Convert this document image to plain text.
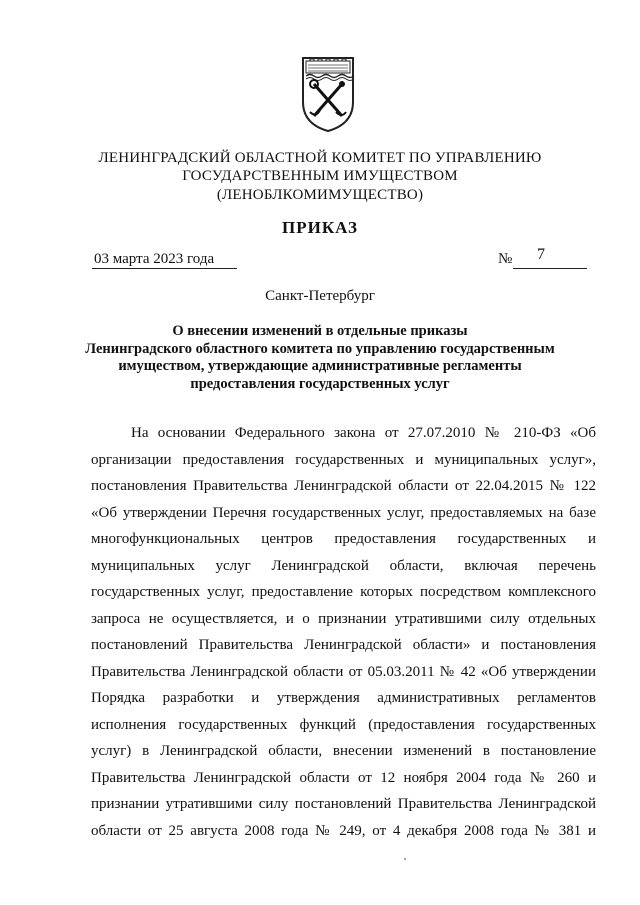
ЛЕНИНГРАДСКИЙ ОБЛАСТНОЙ КОМИТЕТ ПО УПРАВЛЕНИЮ
ГОСУДАРСТВЕННЫМ ИМУЩЕСТВОМ
(ЛЕНОБЛКОМИМУЩЕСТВО)
ПРИКАЗ
03 марта 2023 года	№ 7
Санкт-Петербург
О внесении изменений в отдельные приказы
Ленинградского областного комитета по управлению государственным
имуществом, утверждающие административные регламенты
предоставления государственных услуг
На основании Федерального закона от 27.07.2010 № 210-ФЗ «Об
организации предоставления государственных и муниципальных услуг»,
постановления Правительства Ленинградской области от 22.04.2015 № 122
«Об утверждении Перечня государственных услуг, предоставляемых на базе
многофункциональных центров предоставления государственных и
муниципальных услуг Ленинградской области, включая перечень
государственных услуг, предоставление которых посредством комплексного
запроса не осуществляется, и о признании утратившими силу отдельных
постановлений Правительства Ленинградской области» и постановления
Правительства Ленинградской области от 05.03.2011 № 42 «Об утверждении
Порядка разработки и утверждения административных регламентов
исполнения государственных функций (предоставления государственных
услуг) в Ленинградской области, внесении изменений в постановление
Правительства Ленинградской области от 12 ноября 2004 года № 260 и
признании утратившими силу постановлений Правительства Ленинградской
области от 25 августа 2008 года № 249, от 4 декабря 2008 года № 381 и
